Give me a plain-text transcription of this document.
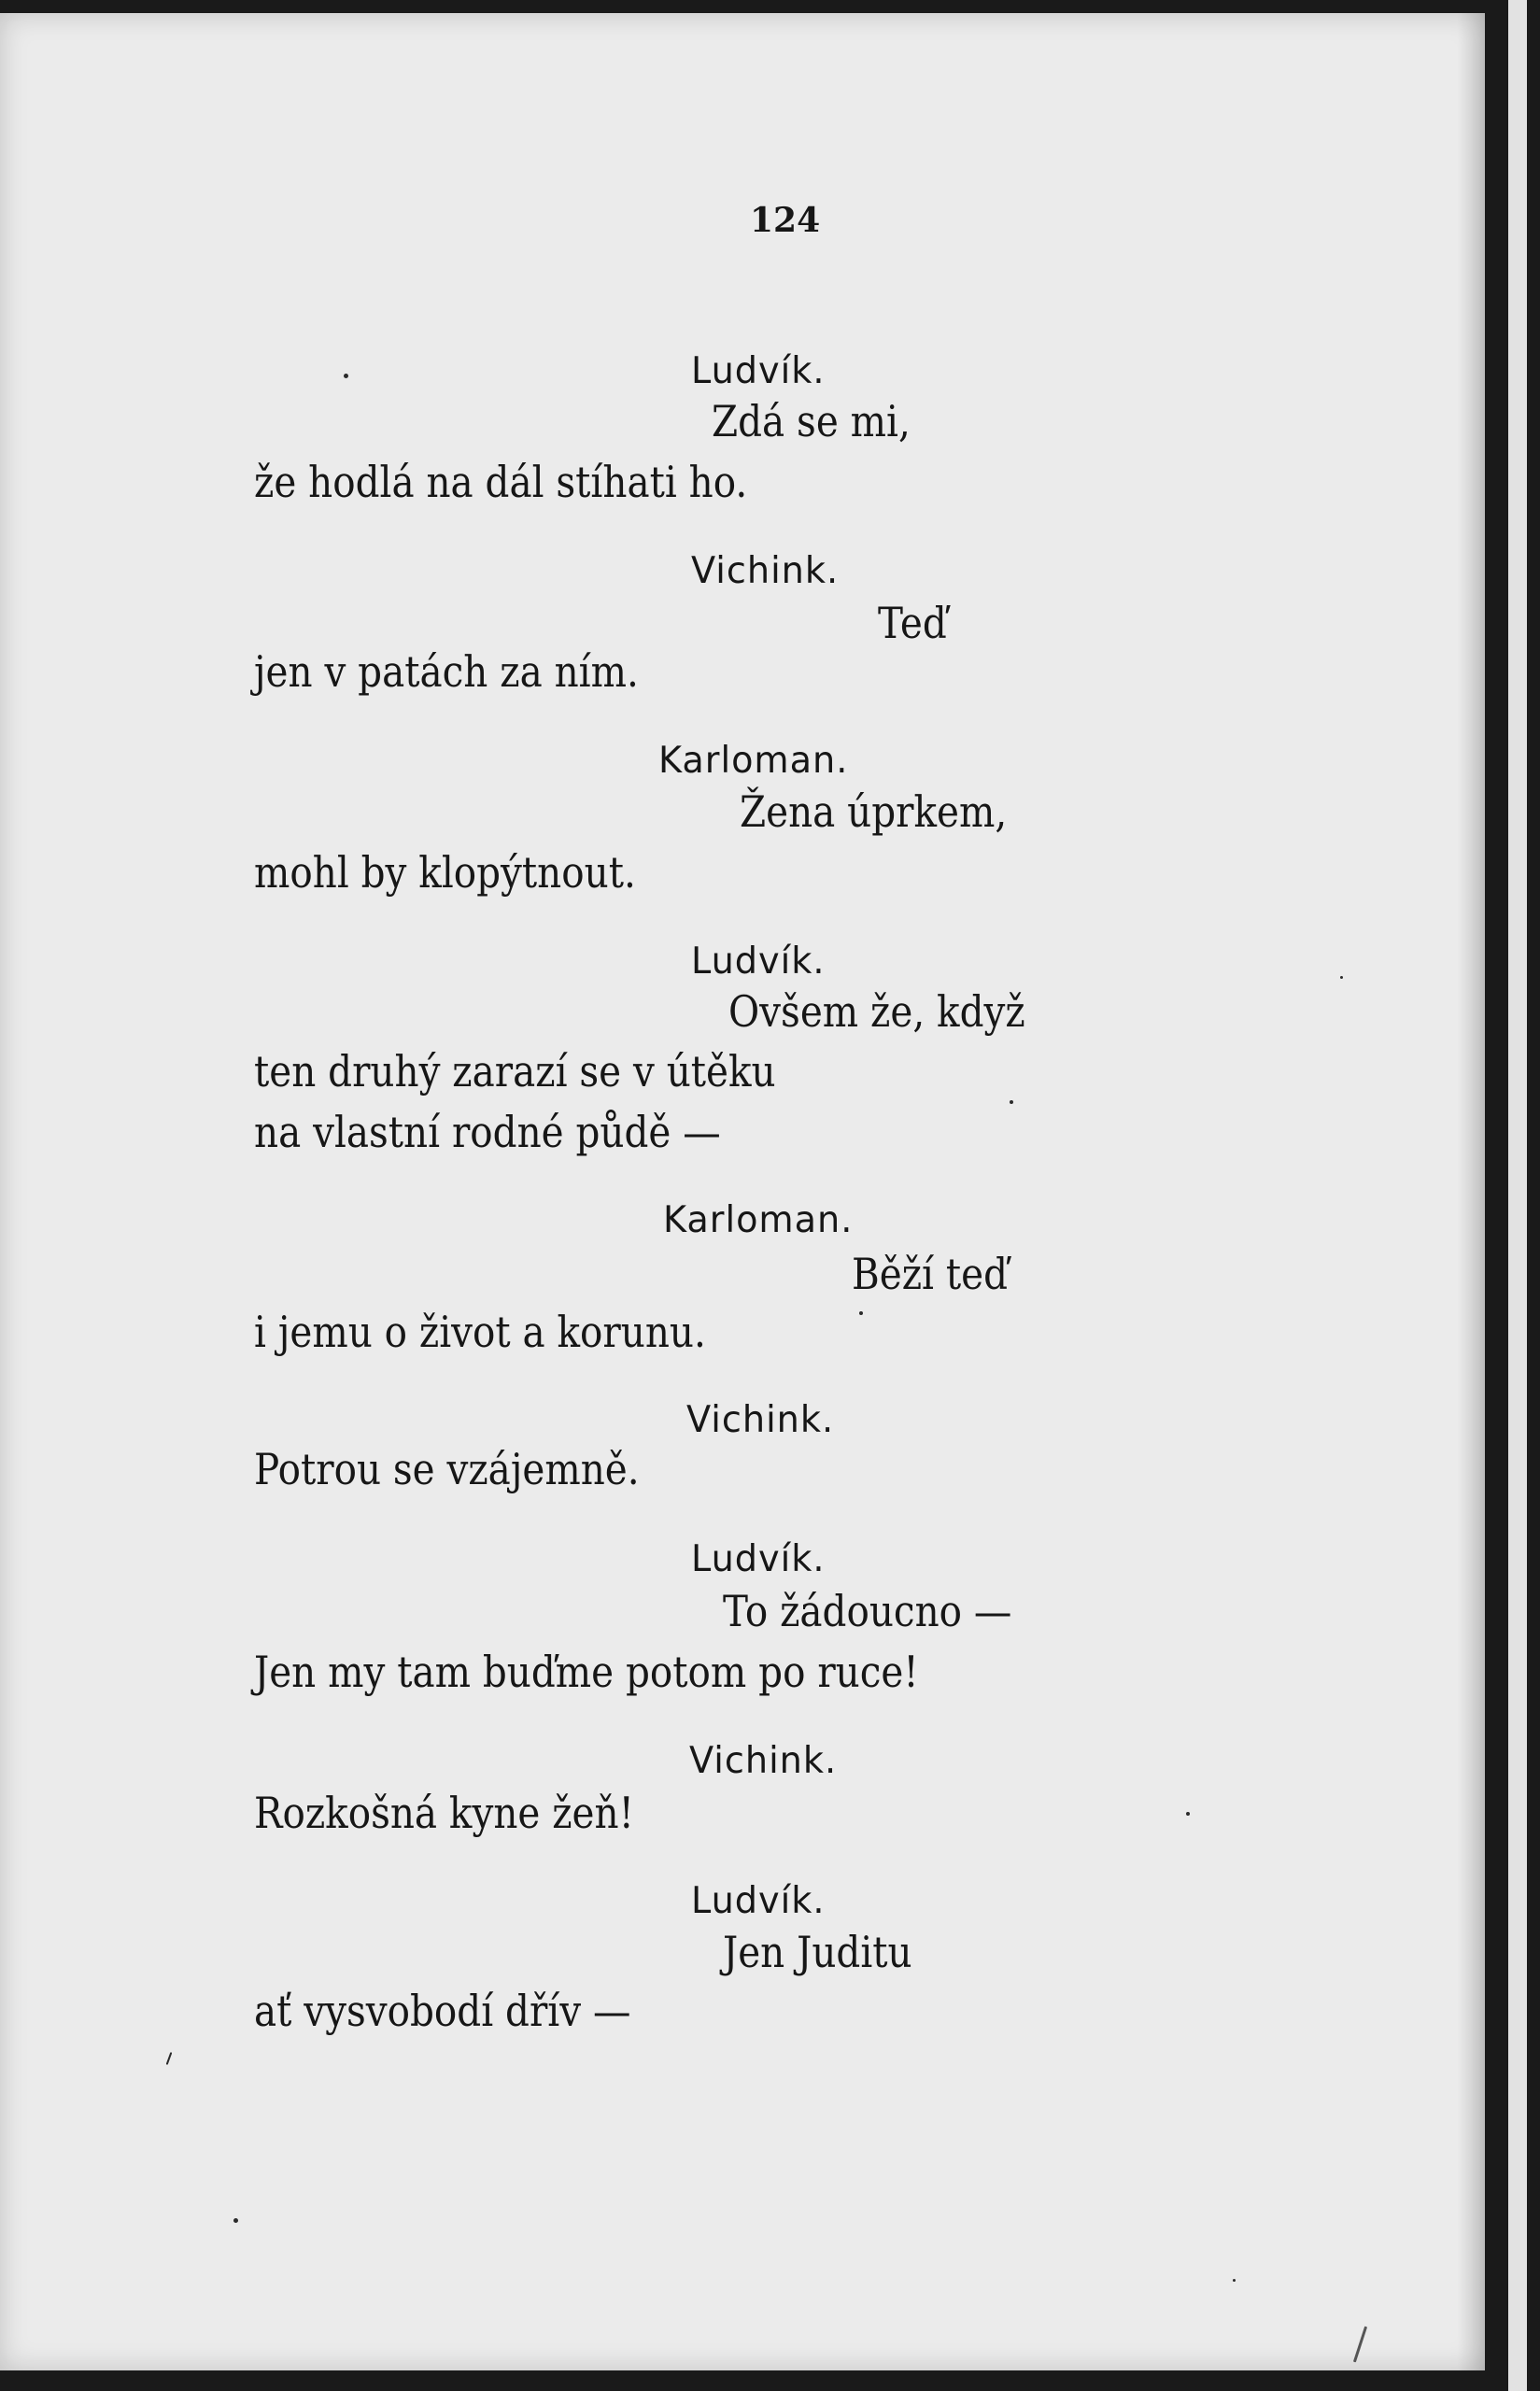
124
Ludvík.
Zdá se mi,
že hodlá na dál stíhati ho.
Vichink.
Teď
jen v patách za ním.
Karloman.
Žena úprkem,
mohl by klopýtnout.
Ludvík.
Ovšem že, když
ten druhý zarazí se v útěku
na vlastní rodné půdě —
Karloman.
Běží teď
i jemu o život a korunu.
Vichink.
Potrou se vzájemně.
Ludvík.
To žádoucno —
Jen my tam buďme potom po ruce!
Vichink.
Rozkošná kyne žeň!
Ludvík.
Jen Juditu
ať vysvobodí dřív —
